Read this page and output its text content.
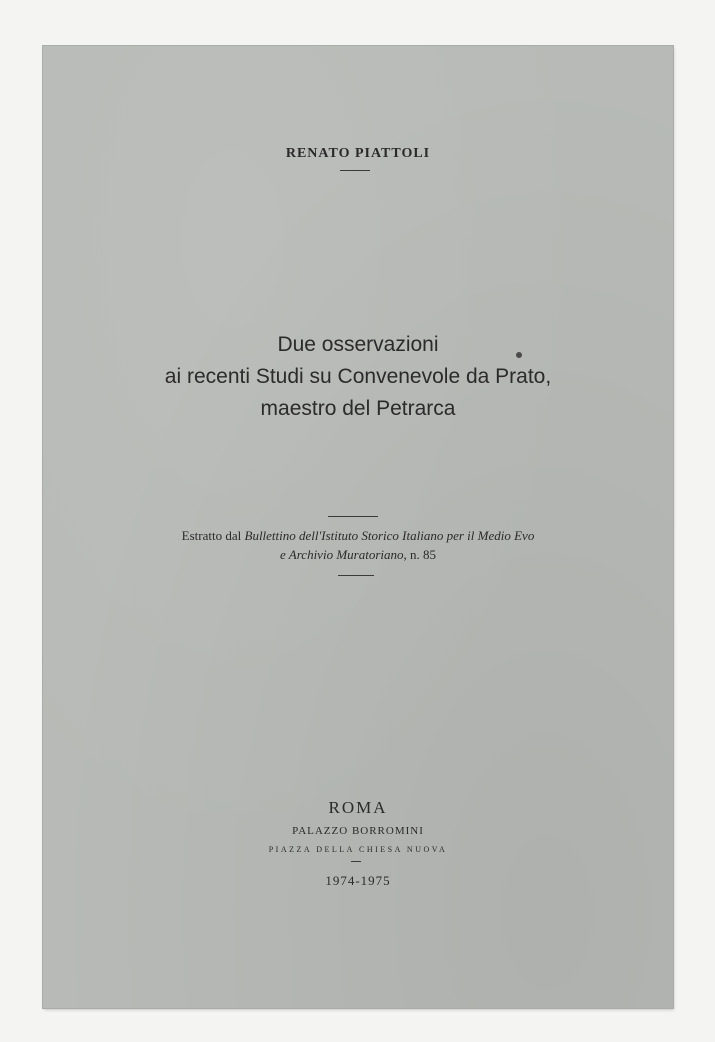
RENATO PIATTOLI
Due osservazioni
ai recenti Studi su Convenevole da Prato,
maestro del Petrarca
Estratto dal Bullettino dell'Istituto Storico Italiano per il Medio Evo
e Archivio Muratoriano, n. 85
ROMA
PALAZZO BORROMINI
PIAZZA DELLA CHIESA NUOVA
1974-1975
